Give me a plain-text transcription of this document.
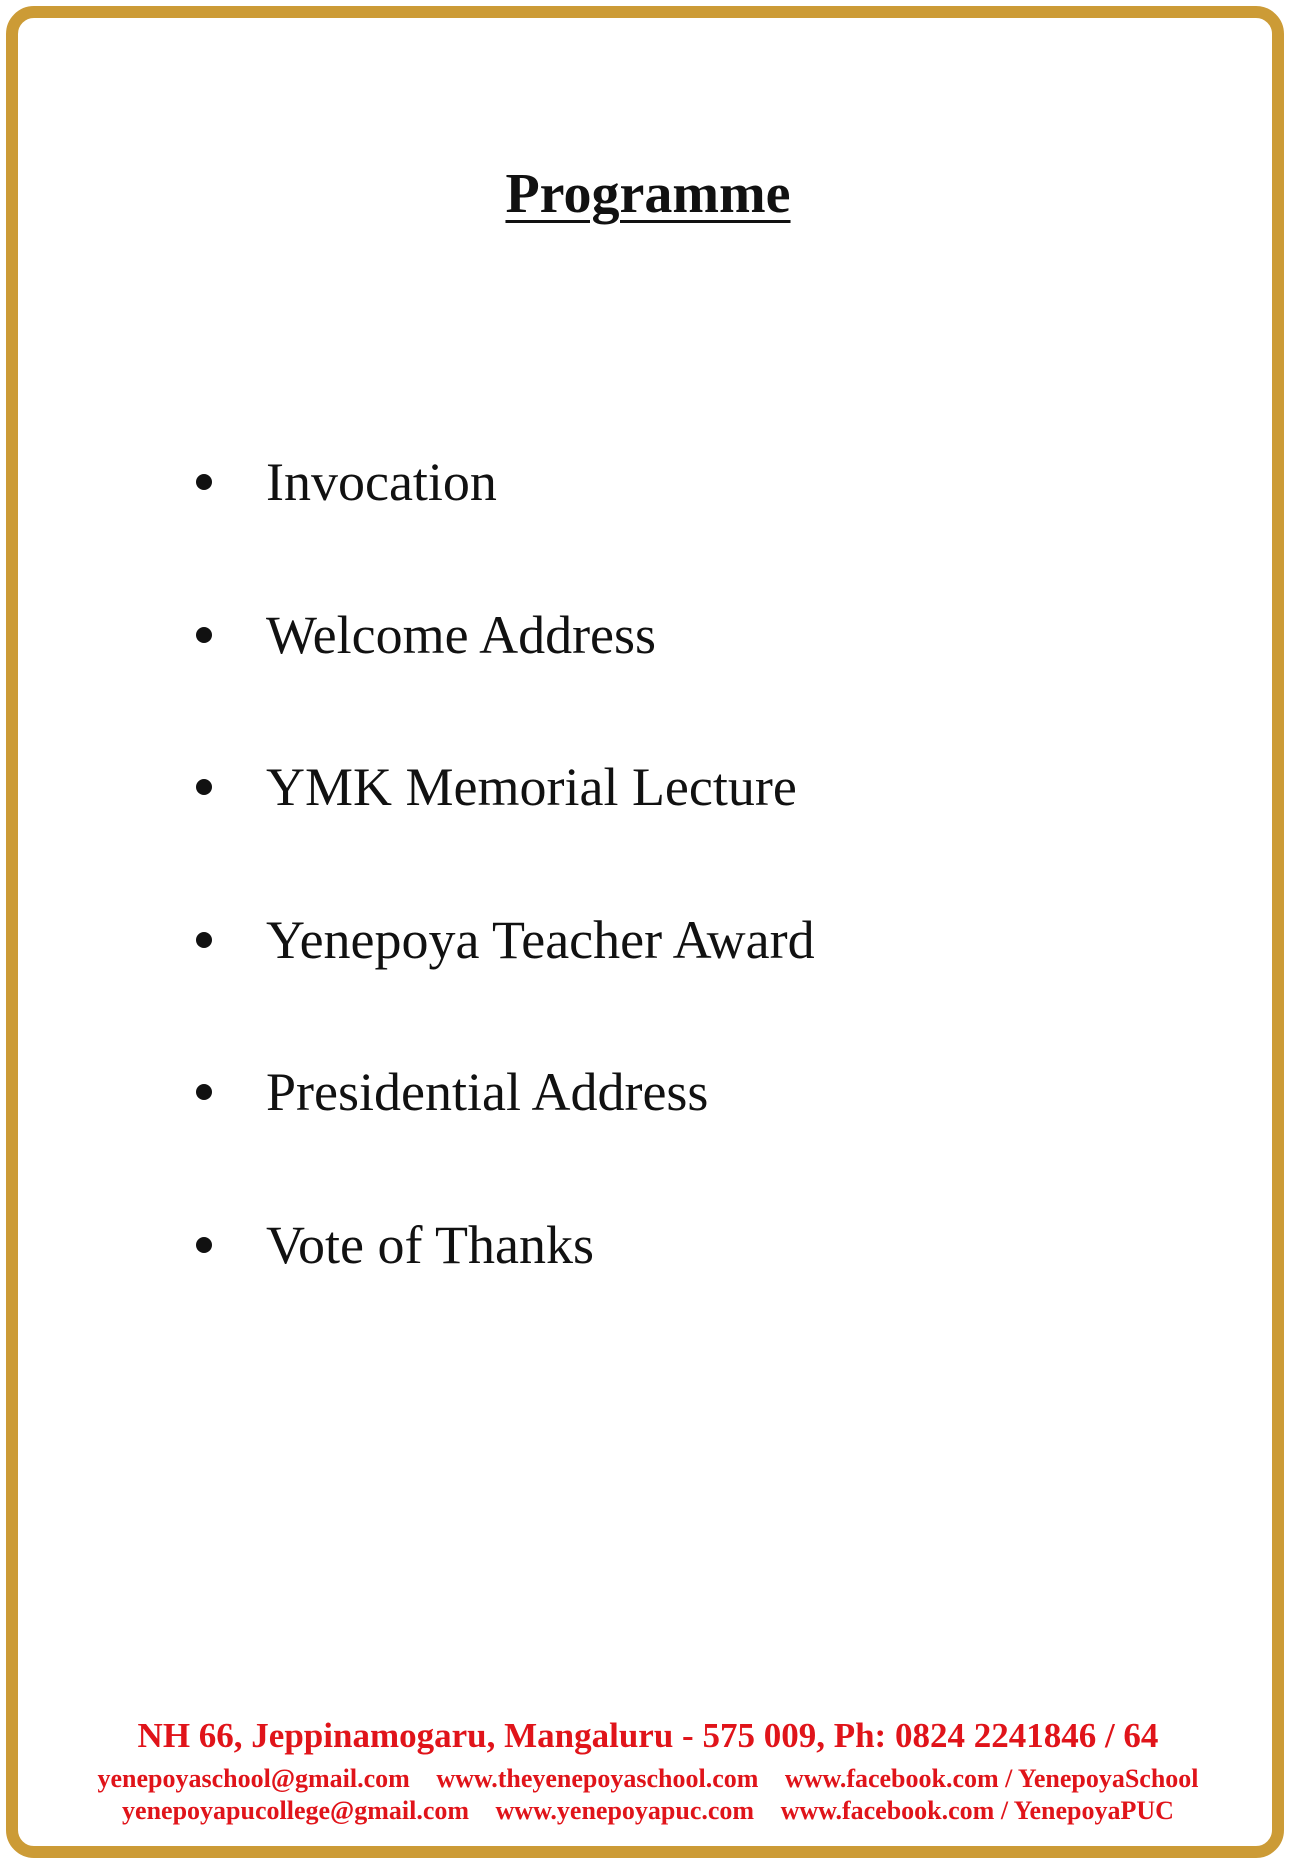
Programme
Invocation
Welcome Address
YMK Memorial Lecture
Yenepoya Teacher Award
Presidential Address
Vote of Thanks

NH 66, Jeppinamogaru, Mangaluru - 575 009, Ph: 0824 2241846 / 64

yenepoyaschool@gmail.com www.theyenepoyaschool.com www.facebook.com / YenepoyaSchool

yenepoyapucollege@gmail.com www.yenepoyapuc.com www.facebook.com / YenepoyaPUC
